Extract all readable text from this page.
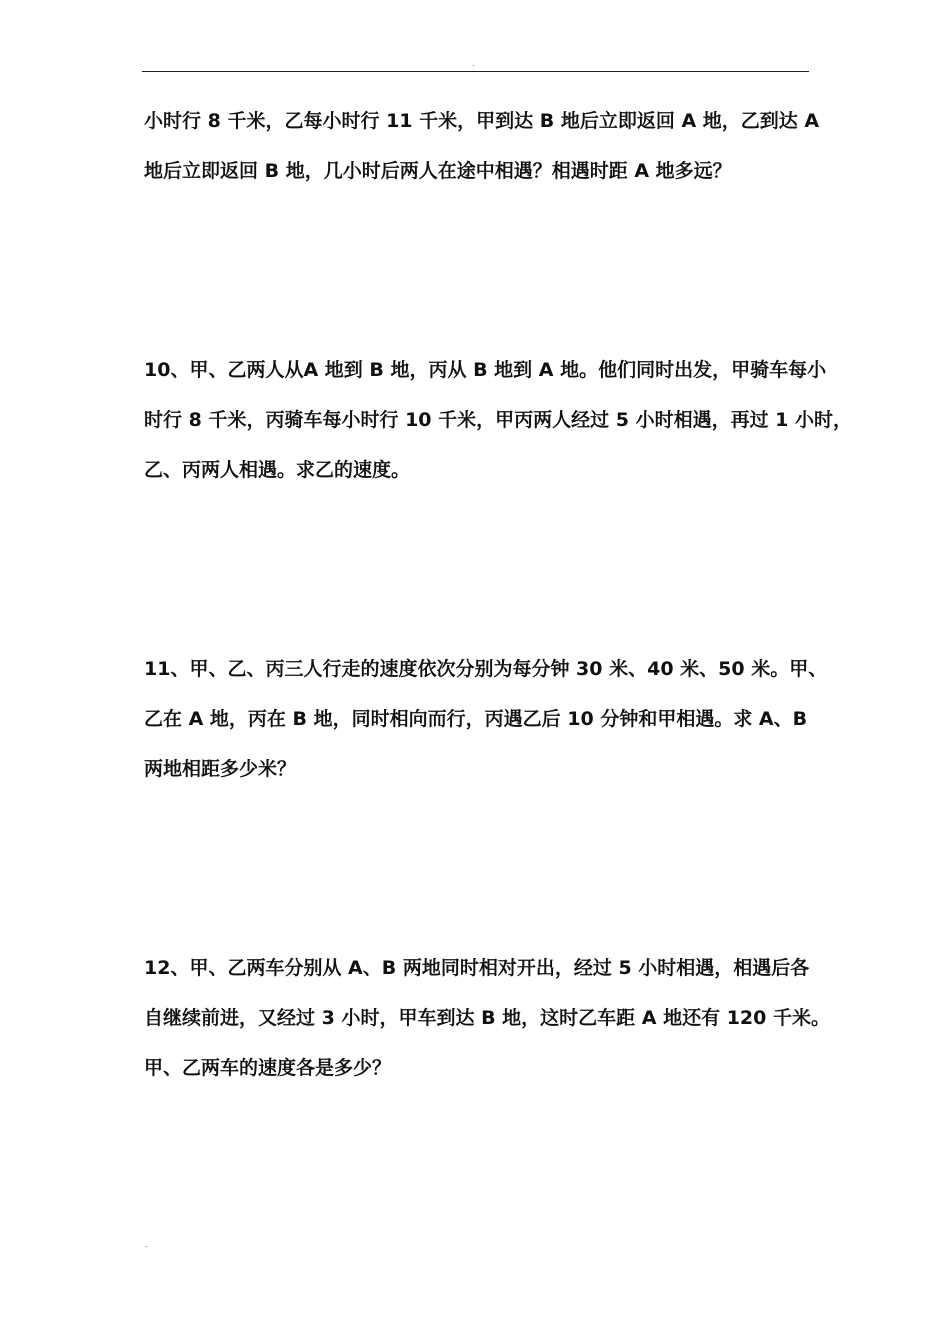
.

小时行 8 千米，乙每小时行 11 千米，甲到达 B 地后立即返回 A 地，乙到达 A

地后立即返回 B 地，几小时后两人在途中相遇？相遇时距 A 地多远？

10、甲、乙两人从A 地到 B 地，丙从 B 地到 A 地。他们同时出发，甲骑车每小

时行 8 千米，丙骑车每小时行 10 千米，甲丙两人经过 5 小时相遇，再过 1 小时，

乙、丙两人相遇。求乙的速度。

11、甲、乙、丙三人行走的速度依次分别为每分钟 30 米、40 米、50 米。甲、

乙在 A 地，丙在 B 地，同时相向而行，丙遇乙后 10 分钟和甲相遇。求 A、B

两地相距多少米？

12、甲、乙两车分别从 A、B 两地同时相对开出，经过 5 小时相遇，相遇后各

自继续前进，又经过 3 小时，甲车到达 B 地，这时乙车距 A 地还有 120 千米。

甲、乙两车的速度各是多少？

.
